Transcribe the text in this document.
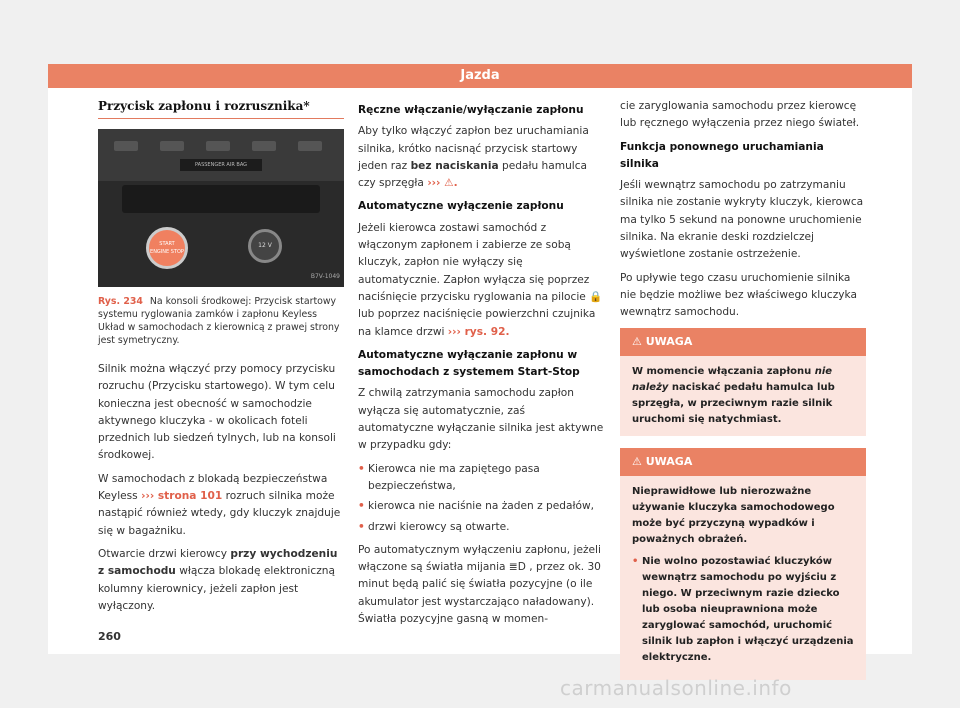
Jazda
Przycisk zapłonu i rozrusznika*
PASSENGER AIR BAG
START ENGINE STOP
12 V
B7V-1049
Rys. 234 Na konsoli środkowej: Przycisk startowy systemu ryglowania zamków i zapłonu Keyless Układ w samochodach z kierownicą z prawej strony jest symetryczny.

Silnik można włączyć przy pomocy przycisku rozruchu (Przycisku startowego). W tym celu konieczna jest obecność w samochodzie aktywnego kluczyka - w okolicach foteli przednich lub siedzeń tylnych, lub na konsoli środkowej.

W samochodach z blokadą bezpieczeństwa Keyless ››› strona 101 rozruch silnika może nastąpić również wtedy, gdy kluczyk znajduje się w bagażniku.

Otwarcie drzwi kierowcy przy wychodzeniu z samochodu włącza blokadę elektroniczną kolumny kierownicy, jeżeli zapłon jest wyłączony.

Ręczne włączanie/wyłączanie zapłonu

Aby tylko włączyć zapłon bez uruchamiania silnika, krótko nacisnąć przycisk startowy jeden raz bez naciskania pedału hamulca czy sprzęgła ››› ⚠.

Automatyczne wyłączenie zapłonu

Jeżeli kierowca zostawi samochód z włączonym zapłonem i zabierze ze sobą kluczyk, zapłon nie wyłączy się automatycznie. Zapłon wyłącza się poprzez naciśnięcie przycisku ryglowania na pilocie 🔒 lub poprzez naciśnięcie powierzchni czujnika na klamce drzwi ››› rys. 92.

Automatyczne wyłączanie zapłonu w samochodach z systemem Start-Stop

Z chwilą zatrzymania samochodu zapłon wyłącza się automatycznie, zaś automatyczne wyłączanie silnika jest aktywne w przypadku gdy:

• Kierowca nie ma zapiętego pasa bezpieczeństwa,
• kierowca nie naciśnie na żaden z pedałów,
• drzwi kierowcy są otwarte.

Po automatycznym wyłączeniu zapłonu, jeżeli włączone są światła mijania ≣D , przez ok. 30 minut będą palić się światła pozycyjne (o ile akumulator jest wystarczająco naładowany). Światła pozycyjne gasną w momen-

cie zaryglowania samochodu przez kierowcę lub ręcznego wyłączenia przez niego świateł.

Funkcja ponownego uruchamiania silnika

Jeśli wewnątrz samochodu po zatrzymaniu silnika nie zostanie wykryty kluczyk, kierowca ma tylko 5 sekund na ponowne uruchomienie silnika. Na ekranie deski rozdzielczej wyświetlone zostanie ostrzeżenie.

Po upływie tego czasu uruchomienie silnika nie będzie możliwe bez właściwego kluczyka wewnątrz samochodu.

⚠ UWAGA
W momencie włączania zapłonu nie należy naciskać pedału hamulca lub sprzęgła, w przeciwnym razie silnik uruchomi się natychmiast.
⚠ UWAGA

Nieprawidłowe lub nierozważne używanie kluczyka samochodowego może być przyczyną wypadków i poważnych obrażeń.

• Nie wolno pozostawiać kluczyków wewnątrz samochodu po wyjściu z niego. W przeciwnym razie dziecko lub osoba nieuprawniona może zaryglować samochód, uruchomić silnik lub zapłon i włączyć urządzenia elektryczne.
260
carmanualsonline.info
